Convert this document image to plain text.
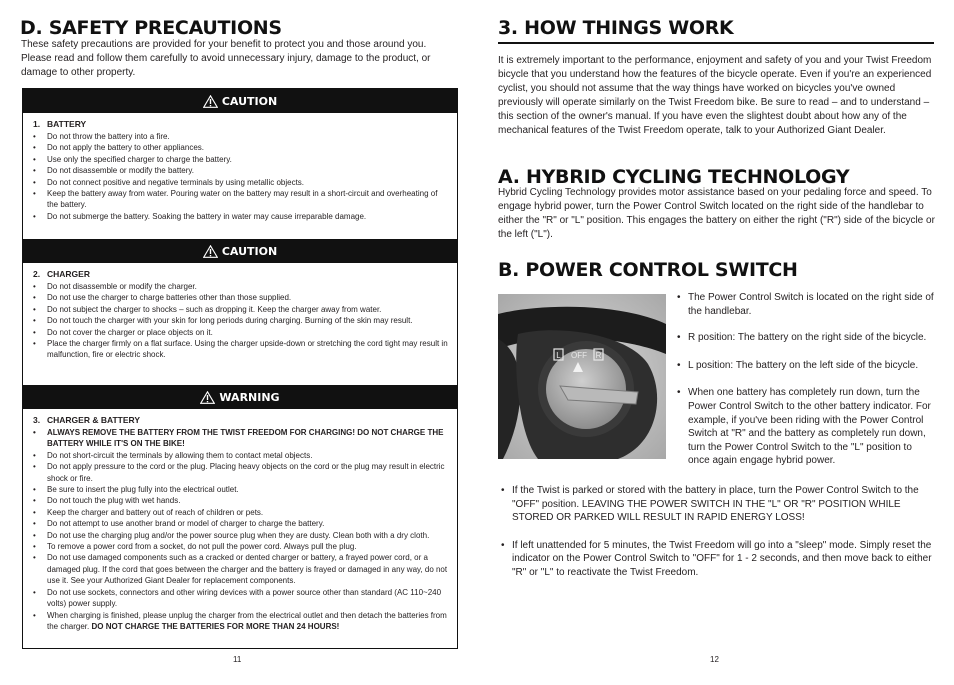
D. SAFETY PRECAUTIONS

These safety precautions are provided for your benefit to protect you and those around you. Please read and follow them carefully to avoid unnecessary injury, damage to the product, or damage to other property.

CAUTION

1. BATTERY

• Do not throw the battery into a fire.
• Do not apply the battery to other appliances.
• Use only the specified charger to charge the battery.
• Do not disassemble or modify the battery.
• Do not connect positive and negative terminals by using metallic objects.
• Keep the battery away from water. Pouring water on the battery may result in a short-circuit and overheating of the battery.
• Do not submerge the battery. Soaking the battery in water may cause irreparable damage.
CAUTION

2. CHARGER

• Do not disassemble or modify the charger.
• Do not use the charger to charge batteries other than those supplied.
• Do not subject the charger to shocks – such as dropping it. Keep the charger away from water.
• Do not touch the charger with your skin for long periods during charging. Burning of the skin may result.
• Do not cover the charger or place objects on it.
• Place the charger firmly on a flat surface. Using the charger upside-down or stretching the cord tight may result in malfunction, fire or electric shock.
WARNING

3. CHARGER & BATTERY

• ALWAYS REMOVE THE BATTERY FROM THE TWIST FREEDOM FOR CHARGING! DO NOT CHARGE THE BATTERY WHILE IT'S ON THE BIKE!
• Do not short-circuit the terminals by allowing them to contact metal objects.
• Do not apply pressure to the cord or the plug. Placing heavy objects on the cord or the plug may result in electric shock or fire.
• Be sure to insert the plug fully into the electrical outlet.
• Do not touch the plug with wet hands.
• Keep the charger and battery out of reach of children or pets.
• Do not attempt to use another brand or model of charger to charge the battery.
• Do not use the charging plug and/or the power source plug when they are dusty. Clean both with a dry cloth.
• To remove a power cord from a socket, do not pull the power cord. Always pull the plug.
• Do not use damaged components such as a cracked or dented charger or battery, a frayed power cord, or a damaged plug. If the cord that goes between the charger and the battery is frayed or damaged in any way, do not use it. See your Authorized Giant Dealer for replacement components.
• Do not use sockets, connectors and other wiring devices with a power source other than standard (AC 110~240 volts) power supply.
• When charging is finished, please unplug the charger from the electrical outlet and then detach the batteries from the charger. DO NOT CHARGE THE BATTERIES FOR MORE THAN 24 HOURS!
11
3. HOW THINGS WORK

It is extremely important to the performance, enjoyment and safety of you and your Twist Freedom bicycle that you understand how the features of the bicycle operate. Even if you're an experienced cyclist, you should not assume that the way things have worked on bicycles you've owned previously will operate similarly on the Twist Freedom bike. Be sure to read – and to understand – this section of the owner's manual. If you have even the slightest doubt about how any of the mechanical features of the Twist Freedom operate, talk to your Authorized Giant Dealer.

A. HYBRID CYCLING TECHNOLOGY

Hybrid Cycling Technology provides motor assistance based on your pedaling force and speed. To engage hybrid power, turn the Power Control Switch located on the right side of the handlebar to either the "R" or "L" position. This engages the battery on either the right ("R") side of the bicycle or the left ("L").

B. POWER CONTROL SWITCH
L OFF R
• The Power Control Switch is located on the right side of the handlebar.
• R position: The battery on the right side of the bicycle.
• L position: The battery on the left side of the bicycle.
• When one battery has completely run down, turn the Power Control Switch to the other battery indicator. For example, if you've been riding with the Power Control Switch at "R" and the battery as completely run down, turn the Power Control Switch to the "L" position to once again engage hybrid power.
• If the Twist is parked or stored with the battery in place, turn the Power Control Switch to the "OFF" position. LEAVING THE POWER SWITCH IN THE "L" OR "R" POSITION WHILE STORED OR PARKED WILL RESULT IN RAPID ENERGY LOSS!
• If left unattended for 5 minutes, the Twist Freedom will go into a "sleep" mode. Simply reset the indicator on the Power Control Switch to "OFF" for 1 - 2 seconds, and then move back to either "R" or "L" to reactivate the Twist Freedom.
12
